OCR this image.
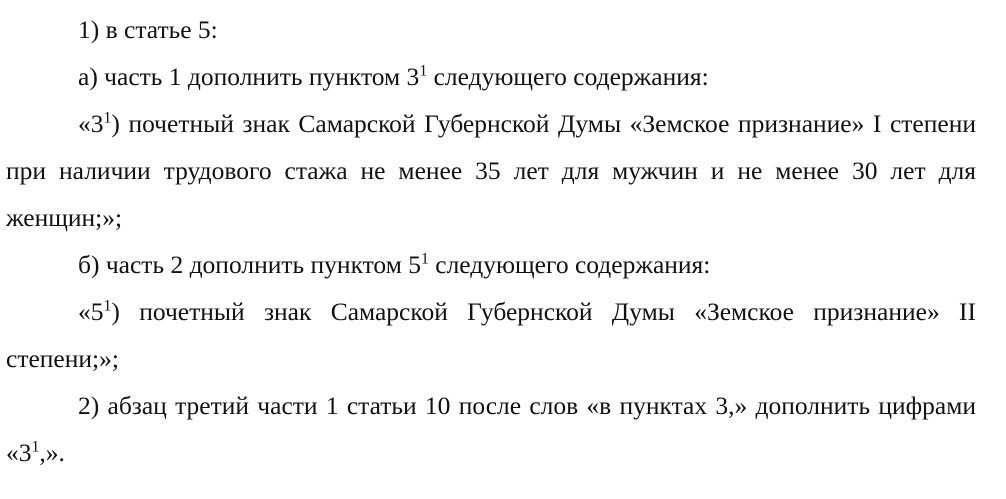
1) в статье 5:

а) часть 1 дополнить пунктом $3^1$ следующего содержания:

«$3^1$) почетный знак Самарской Губернской Думы «Земское признание» I степени при наличии трудового стажа не менее 35 лет для мужчин и не менее 30 лет для женщин;»;

б) часть 2 дополнить пунктом $5^1$ следующего содержания:

«$5^1$) почетный знак Самарской Губернской Думы «Земское признание» II степени;»;

2) абзац третий части 1 статьи 10 после слов «в пунктах 3,» дополнить цифрами «$3^1$,».
